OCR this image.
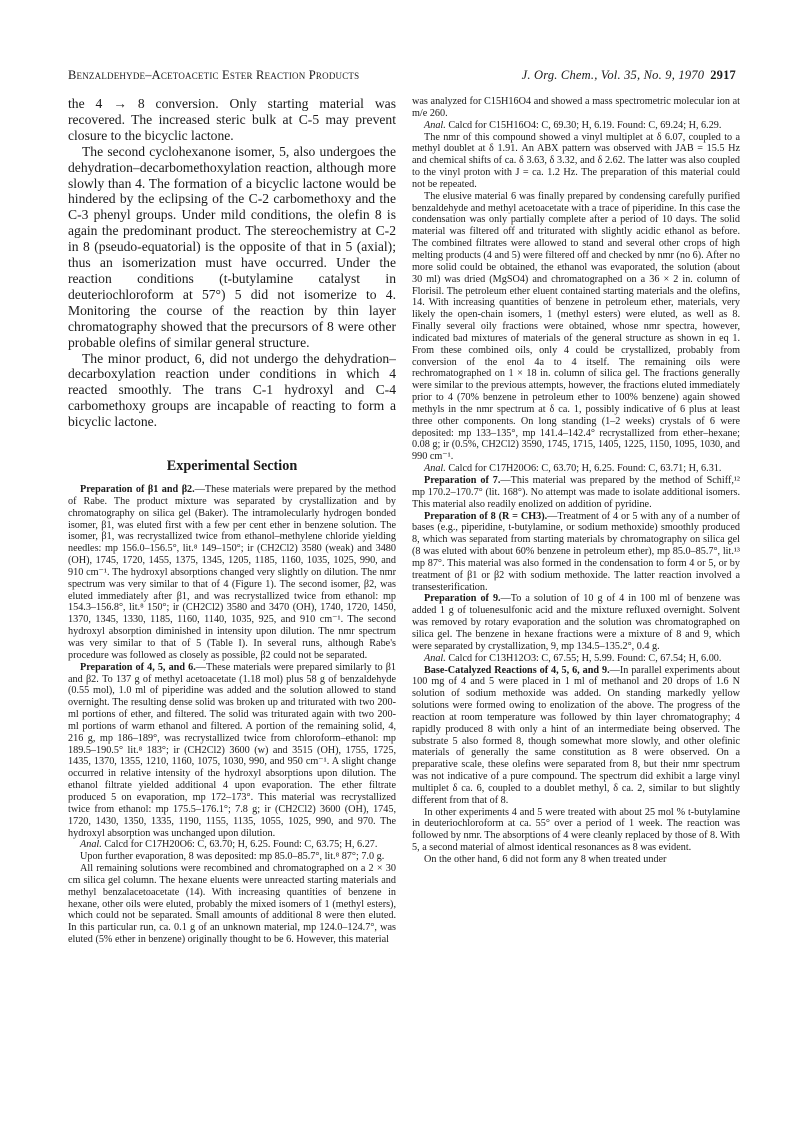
Benzaldehyde–Acetoacetic Ester Reaction Products	J. Org. Chem., Vol. 35, No. 9, 1970 2917

the 4 → 8 conversion. Only starting material was recovered. The increased steric bulk at C-5 may prevent closure to the bicyclic lactone.

The second cyclohexanone isomer, 5, also undergoes the dehydration–decarbomethoxylation reaction, although more slowly than 4. The formation of a bicyclic lactone would be hindered by the eclipsing of the C-2 carbomethoxy and the C-3 phenyl groups. Under mild conditions, the olefin 8 is again the predominant product. The stereochemistry at C-2 in 8 (pseudo-equatorial) is the opposite of that in 5 (axial); thus an isomerization must have occurred. Under the reaction conditions (t-butylamine catalyst in deuteriochloroform at 57°) 5 did not isomerize to 4. Monitoring the course of the reaction by thin layer chromatography showed that the precursors of 8 were other probable olefins of similar general structure.

The minor product, 6, did not undergo the dehydration–decarboxylation reaction under conditions in which 4 reacted smoothly. The trans C-1 hydroxyl and C-4 carbomethoxy groups are incapable of reacting to form a bicyclic lactone.

Experimental Section

Preparation of β1 and β2.—These materials were prepared by the method of Rabe. The product mixture was separated by crystallization and by chromatography on silica gel (Baker). The intramolecularly hydrogen bonded isomer, β1, was eluted first with a few per cent ether in benzene solution. The isomer, β1, was recrystallized twice from ethanol–methylene chloride yielding needles: mp 156.0–156.5°, lit.⁸ 149–150°; ir (CH2Cl2) 3580 (weak) and 3480 (OH), 1745, 1720, 1455, 1375, 1345, 1205, 1185, 1160, 1035, 1025, 990, and 910 cm⁻¹. The hydroxyl absorptions changed very slightly on dilution. The nmr spectrum was very similar to that of 4 (Figure 1). The second isomer, β2, was eluted immediately after β1, and was recrystallized twice from ethanol: mp 154.3–156.8°, lit.⁸ 150°; ir (CH2Cl2) 3580 and 3470 (OH), 1740, 1720, 1450, 1370, 1345, 1330, 1185, 1160, 1140, 1035, 925, and 910 cm⁻¹. The second hydroxyl absorption diminished in intensity upon dilution. The nmr spectrum was very similar to that of 5 (Table I). In several runs, although Rabe's procedure was followed as closely as possible, β2 could not be separated.

Preparation of 4, 5, and 6.—These materials were prepared similarly to β1 and β2. To 137 g of methyl acetoacetate (1.18 mol) plus 58 g of benzaldehyde (0.55 mol), 1.0 ml of piperidine was added and the solution allowed to stand overnight. The resulting dense solid was broken up and triturated with two 200-ml portions of ether, and filtered. The solid was triturated again with two 200-ml portions of warm ethanol and filtered. A portion of the remaining solid, 4, 216 g, mp 186–189°, was recrystallized twice from chloroform–ethanol: mp 189.5–190.5° lit.⁸ 183°; ir (CH2Cl2) 3600 (w) and 3515 (OH), 1755, 1725, 1435, 1370, 1355, 1210, 1160, 1075, 1030, 990, and 950 cm⁻¹. A slight change occurred in relative intensity of the hydroxyl absorptions upon dilution. The ethanol filtrate yielded additional 4 upon evaporation. The ether filtrate produced 5 on evaporation, mp 172–173°. This material was recrystallized twice from ethanol: mp 175.5–176.1°; 7.8 g; ir (CH2Cl2) 3600 (OH), 1745, 1720, 1430, 1350, 1335, 1190, 1155, 1135, 1055, 1025, 990, and 970. The hydroxyl absorption was unchanged upon dilution.

Anal. Calcd for C17H20O6: C, 63.70; H, 6.25. Found: C, 63.75; H, 6.27.

Upon further evaporation, 8 was deposited: mp 85.0–85.7°, lit.⁸ 87°; 7.0 g.

All remaining solutions were recombined and chromatographed on a 2 × 30 cm silica gel column. The hexane eluents were unreacted starting materials and methyl benzalacetoacetate (14). With increasing quantities of benzene in hexane, other oils were eluted, probably the mixed isomers of 1 (methyl esters), which could not be separated. Small amounts of additional 8 were then eluted. In this particular run, ca. 0.1 g of an unknown material, mp 124.0–124.7°, was eluted (5% ether in benzene) originally thought to be 6. However, this material

was analyzed for C15H16O4 and showed a mass spectrometric molecular ion at m/e 260.

Anal. Calcd for C15H16O4: C, 69.30; H, 6.19. Found: C, 69.24; H, 6.29.

The nmr of this compound showed a vinyl multiplet at δ 6.07, coupled to a methyl doublet at δ 1.91. An ABX pattern was observed with JAB = 15.5 Hz and chemical shifts of ca. δ 3.63, δ 3.32, and δ 2.62. The latter was also coupled to the vinyl proton with J = ca. 1.2 Hz. The preparation of this material could not be repeated.

The elusive material 6 was finally prepared by condensing carefully purified benzaldehyde and methyl acetoacetate with a trace of piperidine. In this case the condensation was only partially complete after a period of 10 days. The solid material was filtered off and triturated with slightly acidic ethanol as before. The combined filtrates were allowed to stand and several other crops of high melting products (4 and 5) were filtered off and checked by nmr (no 6). After no more solid could be obtained, the ethanol was evaporated, the solution (about 30 ml) was dried (MgSO4) and chromatographed on a 36 × 2 in. column of Florisil. The petroleum ether eluent contained starting materials and the olefins, 14. With increasing quantities of benzene in petroleum ether, materials, very likely the open-chain isomers, 1 (methyl esters) were eluted, as well as 8. Finally several oily fractions were obtained, whose nmr spectra, however, indicated bad mixtures of materials of the general structure as shown in eq 1. From these combined oils, only 4 could be crystallized, probably from conversion of the enol 4a to 4 itself. The remaining oils were rechromatographed on 1 × 18 in. column of silica gel. The fractions generally were similar to the previous attempts, however, the fractions eluted immediately prior to 4 (70% benzene in petroleum ether to 100% benzene) again showed methyls in the nmr spectrum at δ ca. 1, possibly indicative of 6 plus at least three other components. On long standing (1–2 weeks) crystals of 6 were deposited: mp 133–135°, mp 141.4–142.4° recrystallized from ether–hexane; 0.08 g; ir (0.5%, CH2Cl2) 3590, 1745, 1715, 1405, 1225, 1150, 1095, 1030, and 990 cm⁻¹.

Anal. Calcd for C17H20O6: C, 63.70; H, 6.25. Found: C, 63.71; H, 6.31.

Preparation of 7.—This material was prepared by the method of Schiff,¹² mp 170.2–170.7° (lit. 168°). No attempt was made to isolate additional isomers. This material also readily enolized on addition of pyridine.

Preparation of 8 (R = CH3).—Treatment of 4 or 5 with any of a number of bases (e.g., piperidine, t-butylamine, or sodium methoxide) smoothly produced 8, which was separated from starting materials by chromatography on silica gel (8 was eluted with about 60% benzene in petroleum ether), mp 85.0–85.7°, lit.¹³ mp 87°. This material was also formed in the condensation to form 4 or 5, or by treatment of β1 or β2 with sodium methoxide. The latter reaction involved a transesterification.

Preparation of 9.—To a solution of 10 g of 4 in 100 ml of benzene was added 1 g of toluenesulfonic acid and the mixture refluxed overnight. Solvent was removed by rotary evaporation and the solution was chromatographed on silica gel. The benzene in hexane fractions were a mixture of 8 and 9, which were separated by crystallization, 9, mp 134.5–135.2°, 0.4 g.

Anal. Calcd for C13H12O3: C, 67.55; H, 5.99. Found: C, 67.54; H, 6.00.

Base-Catalyzed Reactions of 4, 5, 6, and 9.—In parallel experiments about 100 mg of 4 and 5 were placed in 1 ml of methanol and 20 drops of 1.6 N solution of sodium methoxide was added. On standing markedly yellow solutions were formed owing to enolization of the above. The progress of the reaction at room temperature was followed by thin layer chromatography; 4 rapidly produced 8 with only a hint of an intermediate being observed. The substrate 5 also formed 8, though somewhat more slowly, and other olefinic materials of generally the same constitution as 8 were observed. On a preparative scale, these olefins were separated from 8, but their nmr spectrum was not indicative of a pure compound. The spectrum did exhibit a large vinyl multiplet δ ca. 6, coupled to a doublet methyl, δ ca. 2, similar to but slightly different from that of 8.

In other experiments 4 and 5 were treated with about 25 mol % t-butylamine in deuteriochloroform at ca. 55° over a period of 1 week. The reaction was followed by nmr. The absorptions of 4 were cleanly replaced by those of 8. With 5, a second material of almost identical resonances as 8 was evident.

On the other hand, 6 did not form any 8 when treated under
